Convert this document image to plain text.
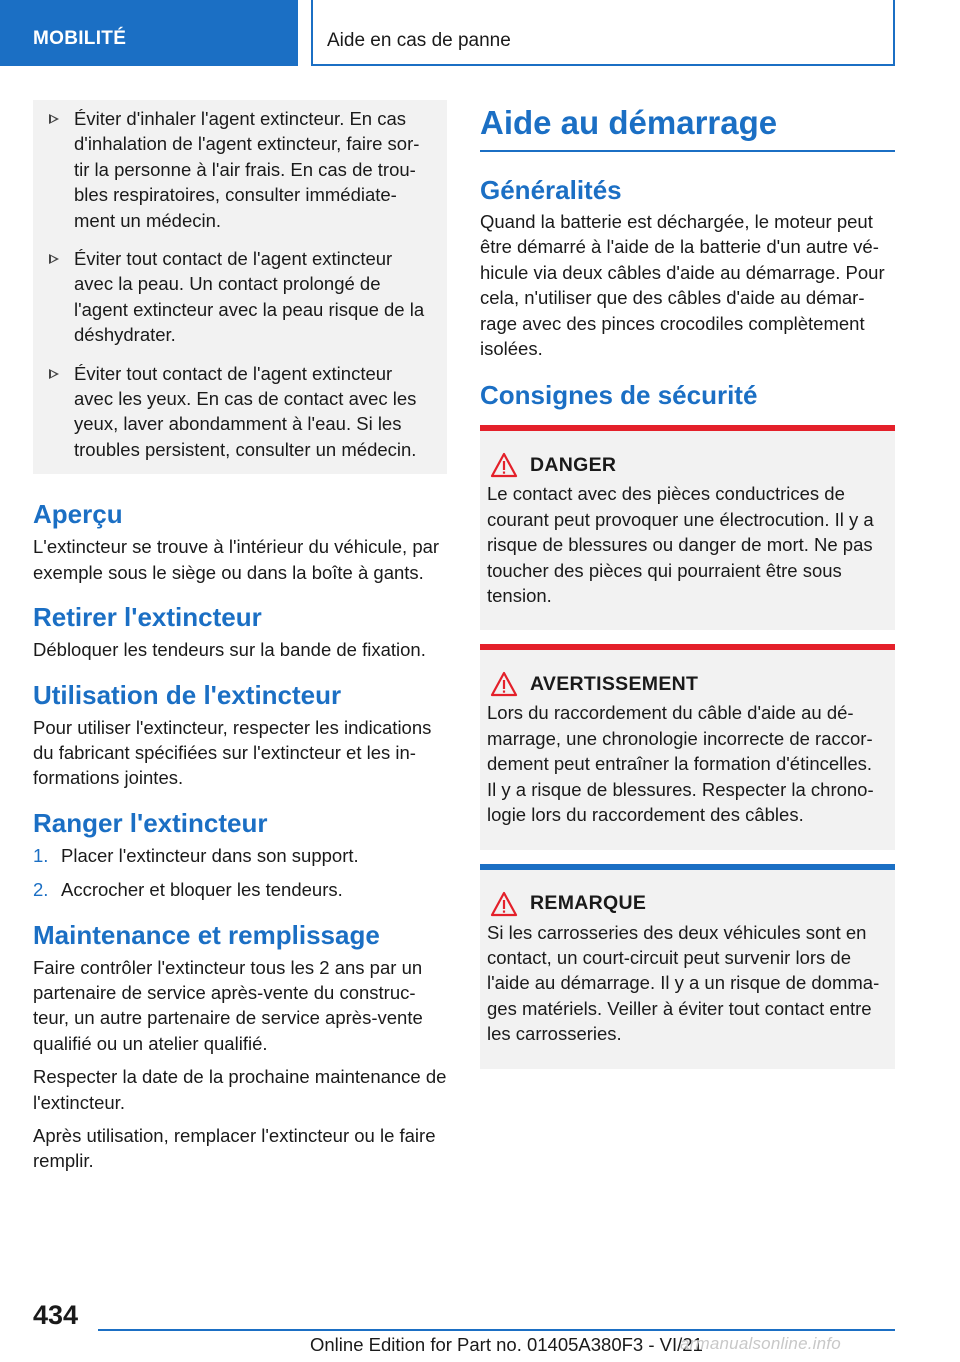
MOBILITÉ	Aide en cas de panne
Éviter d'inhaler l'agent extincteur. En cas d'inhalation de l'agent extincteur, faire sor-tir la personne à l'air frais. En cas de trou-bles respiratoires, consulter immédiate-ment un médecin.
Éviter tout contact de l'agent extincteur avec la peau. Un contact prolongé de l'agent extincteur avec la peau risque de la déshydrater.
Éviter tout contact de l'agent extincteur avec les yeux. En cas de contact avec les yeux, laver abondamment à l'eau. Si les troubles persistent, consulter un médecin.
Aperçu

L'extincteur se trouve à l'intérieur du véhicule, par exemple sous le siège ou dans la boîte à gants.

Retirer l'extincteur

Débloquer les tendeurs sur la bande de fixation.

Utilisation de l'extincteur

Pour utiliser l'extincteur, respecter les indications du fabricant spécifiées sur l'extincteur et les in-formations jointes.

Ranger l'extincteur
1. Placer l'extincteur dans son support.
2. Accrocher et bloquer les tendeurs.
Maintenance et remplissage

Faire contrôler l'extincteur tous les 2 ans par un partenaire de service après-vente du construc-teur, un autre partenaire de service après-vente qualifié ou un atelier qualifié.

Respecter la date de la prochaine maintenance de l'extincteur.

Après utilisation, remplacer l'extincteur ou le faire remplir.

Aide au démarrage
Généralités

Quand la batterie est déchargée, le moteur peut être démarré à l'aide de la batterie d'un autre vé-hicule via deux câbles d'aide au démarrage. Pour cela, n'utiliser que des câbles d'aide au démar-rage avec des pinces crocodiles complètement isolées.

Consignes de sécurité
DANGER

Le contact avec des pièces conductrices de courant peut provoquer une électrocution. Il y a risque de blessures ou danger de mort. Ne pas toucher des pièces qui pourraient être sous tension.

AVERTISSEMENT

Lors du raccordement du câble d'aide au dé-marrage, une chronologie incorrecte de raccor-dement peut entraîner la formation d'étincelles. Il y a risque de blessures. Respecter la chrono-logie lors du raccordement des câbles.

REMARQUE

Si les carrosseries des deux véhicules sont en contact, un court-circuit peut survenir lors de l'aide au démarrage. Il y a un risque de domma-ges matériels. Veiller à éviter tout contact entre les carrosseries.

434
Online Edition for Part no. 01405A380F3 - VI/21
armanualsonline.info
